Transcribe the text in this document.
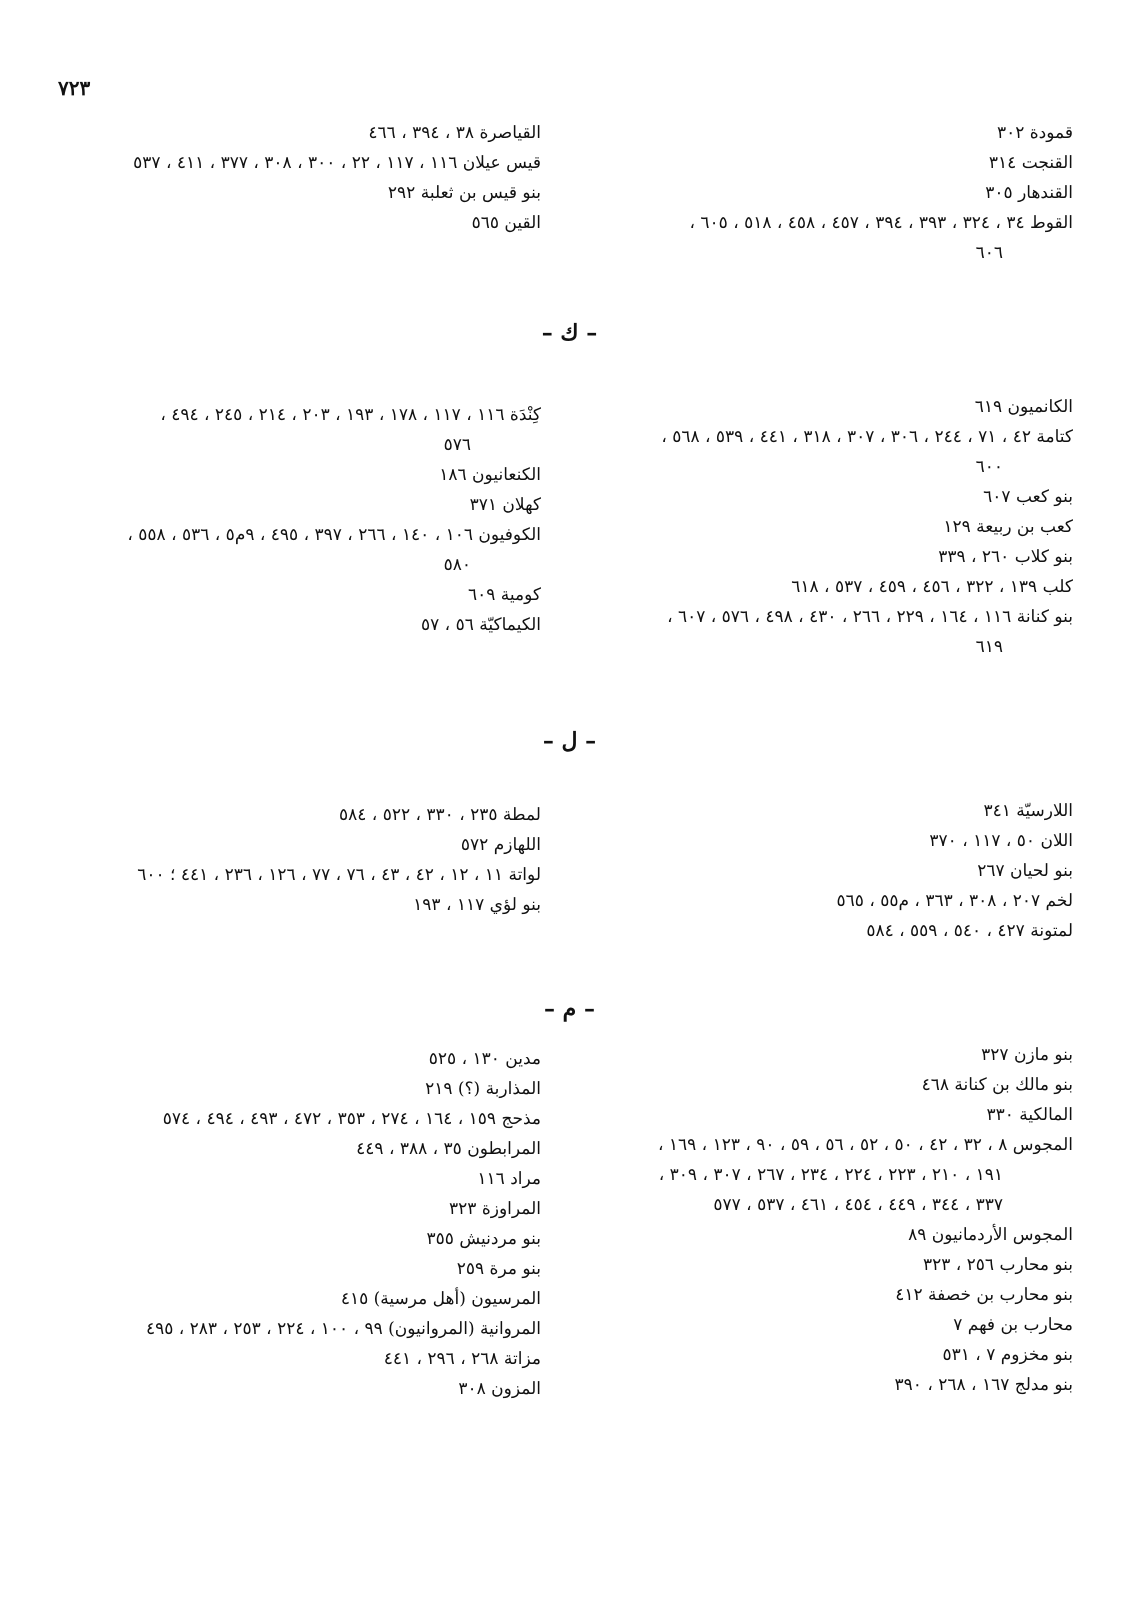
٧٢٣
قمودة ٣٠٢
القنجت ٣١٤
القندهار ٣٠٥
القوط ٣٤ ، ٣٢٤ ، ٣٩٣ ، ٣٩٤ ، ٤٥٧ ، ٤٥٨ ، ٥١٨ ، ٦٠٥ ،
٦٠٦
القياصرة ٣٨ ، ٣٩٤ ، ٤٦٦
قيس عيلان ١١٦ ، ١١٧ ، ٢٢ ، ٣٠٠ ، ٣٠٨ ، ٣٧٧ ، ٤١١ ، ٥٣٧
بنو قيس بن ثعلبة ٢٩٢
القين ٥٦٥
– ك –
الكانميون ٦١٩
كتامة ٤٢ ، ٧١ ، ٢٤٤ ، ٣٠٦ ، ٣٠٧ ، ٣١٨ ، ٤٤١ ، ٥٣٩ ، ٥٦٨ ،
٦٠٠
بنو كعب ٦٠٧
كعب بن ربيعة ١٢٩
بنو كلاب ٢٦٠ ، ٣٣٩
كلب ١٣٩ ، ٣٢٢ ، ٤٥٦ ، ٤٥٩ ، ٥٣٧ ، ٦١٨
بنو كنانة ١١٦ ، ١٦٤ ، ٢٢٩ ، ٢٦٦ ، ٤٣٠ ، ٤٩٨ ، ٥٧٦ ، ٦٠٧ ،
٦١٩
كِنْدَة ١١٦ ، ١١٧ ، ١٧٨ ، ١٩٣ ، ٢٠٣ ، ٢١٤ ، ٢٤٥ ، ٤٩٤ ،
٥٧٦
الكنعانيون ١٨٦
كهلان ٣٧١
الكوفيون ١٠٦ ، ١٤٠ ، ٢٦٦ ، ٣٩٧ ، ٤٩٥ ، ٩م٥ ، ٥٣٦ ، ٥٥٨ ،
٥٨٠
كومية ٦٠٩
الكيماكيّة ٥٦ ، ٥٧
– ل –
اللارسيّة ٣٤١
اللان ٥٠ ، ١١٧ ، ٣٧٠
بنو لحيان ٢٦٧
لخم ٢٠٧ ، ٣٠٨ ، ٣٦٣ ، م٥٥ ، ٥٦٥
لمتونة ٤٢٧ ، ٥٤٠ ، ٥٥٩ ، ٥٨٤
لمطة ٢٣٥ ، ٣٣٠ ، ٥٢٢ ، ٥٨٤
اللهازم ٥٧٢
لواتة ١١ ، ١٢ ، ٤٢ ، ٤٣ ، ٧٦ ، ٧٧ ، ١٢٦ ، ٢٣٦ ، ٤٤١ ؛ ٦٠٠
بنو لؤي ١١٧ ، ١٩٣
– م –
بنو مازن ٣٢٧
بنو مالك بن كنانة ٤٦٨
المالكية ٣٣٠
المجوس ٨ ، ٣٢ ، ٤٢ ، ٥٠ ، ٥٢ ، ٥٦ ، ٥٩ ، ٩٠ ، ١٢٣ ، ١٦٩ ،
١٩١ ، ٢١٠ ، ٢٢٣ ، ٢٢٤ ، ٢٣٤ ، ٢٦٧ ، ٣٠٧ ، ٣٠٩ ،
٣٣٧ ، ٣٤٤ ، ٤٤٩ ، ٤٥٤ ، ٤٦١ ، ٥٣٧ ، ٥٧٧
المجوس الأردمانيون ٨٩
بنو محارب ٢٥٦ ، ٣٢٣
بنو محارب بن خصفة ٤١٢
محارب بن فهم ٧
بنو مخزوم ٧ ، ٥٣١
بنو مدلج ١٦٧ ، ٢٦٨ ، ٣٩٠
مدين ١٣٠ ، ٥٢٥
المذاربة (؟) ٢١٩
مذحج ١٥٩ ، ١٦٤ ، ٢٧٤ ، ٣٥٣ ، ٤٧٢ ، ٤٩٣ ، ٤٩٤ ، ٥٧٤
المرابطون ٣٥ ، ٣٨٨ ، ٤٤٩
مراد ١١٦
المراوزة ٣٢٣
بنو مردنيش ٣٥٥
بنو مرة ٢٥٩
المرسيون (أهل مرسية) ٤١٥
المروانية (المروانيون) ٩٩ ، ١٠٠ ، ٢٢٤ ، ٢٥٣ ، ٢٨٣ ، ٤٩٥
مزاتة ٢٦٨ ، ٢٩٦ ، ٤٤١
المزون ٣٠٨
